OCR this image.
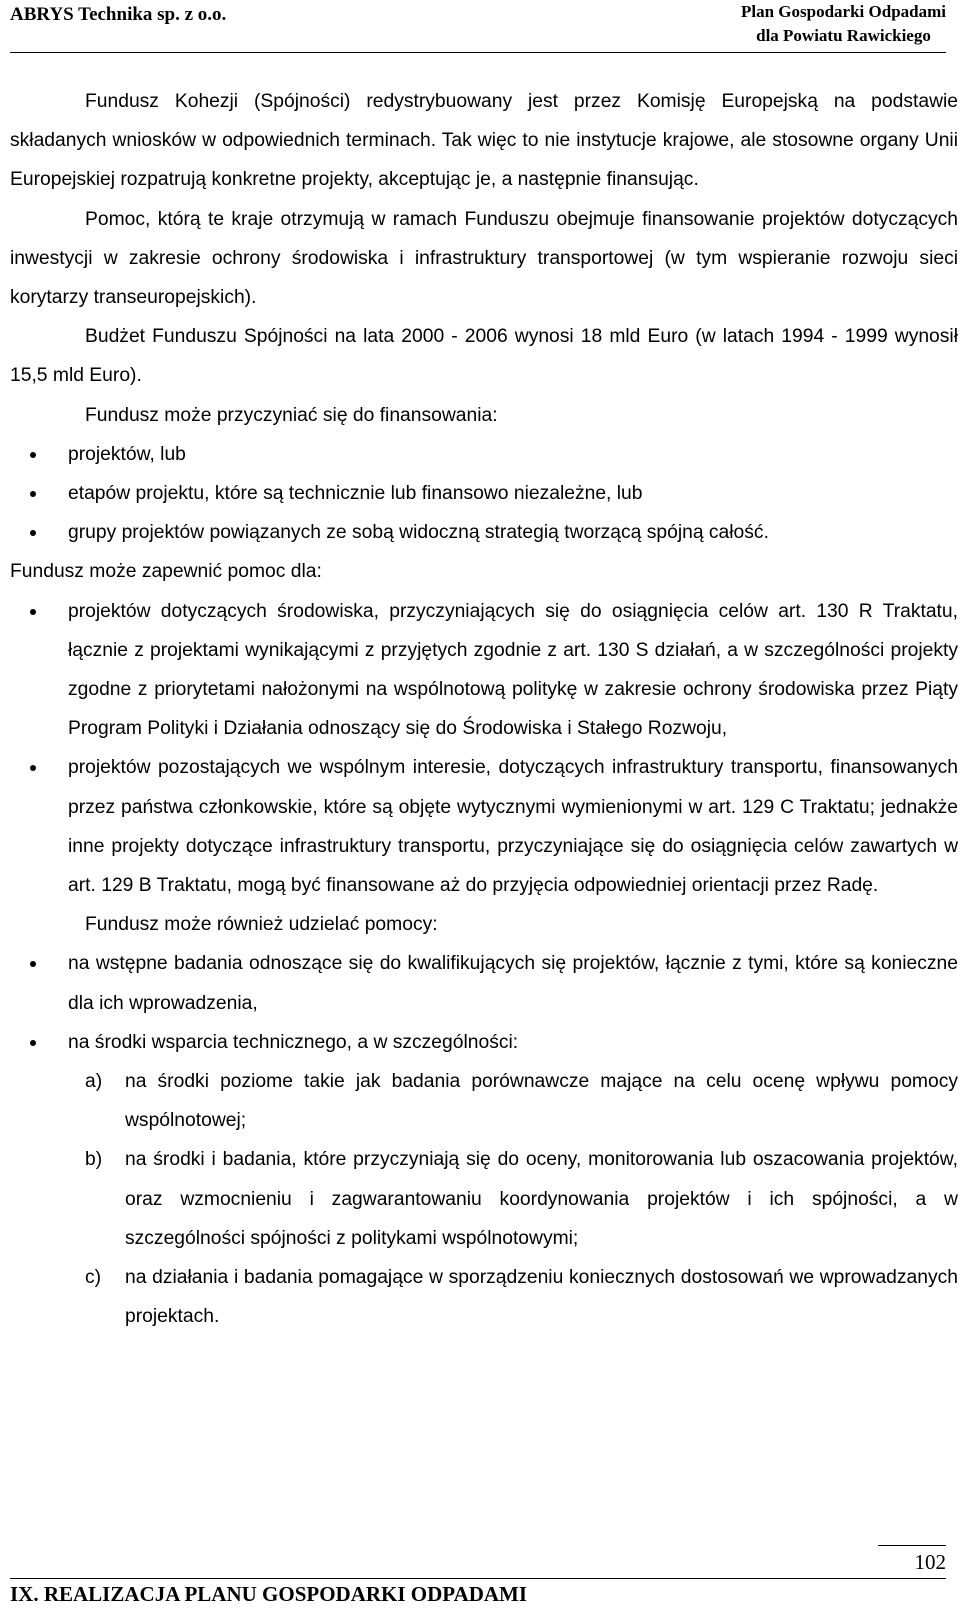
ABRYS Technika sp. z o.o.	Plan Gospodarki Odpadami
dla Powiatu Rawickiego

Fundusz Kohezji (Spójności) redystrybuowany jest przez Komisję Europejską na podstawie składanych wniosków w odpowiednich terminach. Tak więc to nie instytucje krajowe, ale stosowne organy Unii Europejskiej rozpatrują konkretne projekty, akceptując je, a następnie finansując.

Pomoc, którą te kraje otrzymują w ramach Funduszu obejmuje finansowanie projektów dotyczących inwestycji w zakresie ochrony środowiska i infrastruktury transportowej (w tym wspieranie rozwoju sieci korytarzy transeuropejskich).

Budżet Funduszu Spójności na lata 2000 - 2006 wynosi 18 mld Euro (w latach 1994 - 1999 wynosił 15,5 mld Euro).

Fundusz może przyczyniać się do finansowania:

projektów, lub
etapów projektu, które są technicznie lub finansowo niezależne, lub
grupy projektów powiązanych ze sobą widoczną strategią tworzącą spójną całość.

Fundusz może zapewnić pomoc dla:

projektów dotyczących środowiska, przyczyniających się do osiągnięcia celów art. 130 R Traktatu, łącznie z projektami wynikającymi z przyjętych zgodnie z art. 130 S działań, a w szczególności projekty zgodne z priorytetami nałożonymi na wspólnotową politykę w zakresie ochrony środowiska przez Piąty Program Polityki i Działania odnoszący się do Środowiska i Stałego Rozwoju,
projektów pozostających we wspólnym interesie, dotyczących infrastruktury transportu, finansowanych przez państwa członkowskie, które są objęte wytycznymi wymienionymi w art. 129 C Traktatu; jednakże inne projekty dotyczące infrastruktury transportu, przyczyniające się do osiągnięcia celów zawartych w art. 129 B Traktatu, mogą być finansowane aż do przyjęcia odpowiedniej orientacji przez Radę.

Fundusz może również udzielać pomocy:

na wstępne badania odnoszące się do kwalifikujących się projektów, łącznie z tymi, które są konieczne dla ich wprowadzenia,
na środki wsparcia technicznego, a w szczególności:
a) na środki poziome takie jak badania porównawcze mające na celu ocenę wpływu pomocy wspólnotowej;
b) na środki i badania, które przyczyniają się do oceny, monitorowania lub oszacowania projektów, oraz wzmocnieniu i zagwarantowaniu koordynowania projektów i ich spójności, a w szczególności spójności z politykami wspólnotowymi;
c) na działania i badania pomagające w sporządzeniu koniecznych dostosowań we wprowadzanych projektach.
102
IX. REALIZACJA PLANU GOSPODARKI ODPADAMI
